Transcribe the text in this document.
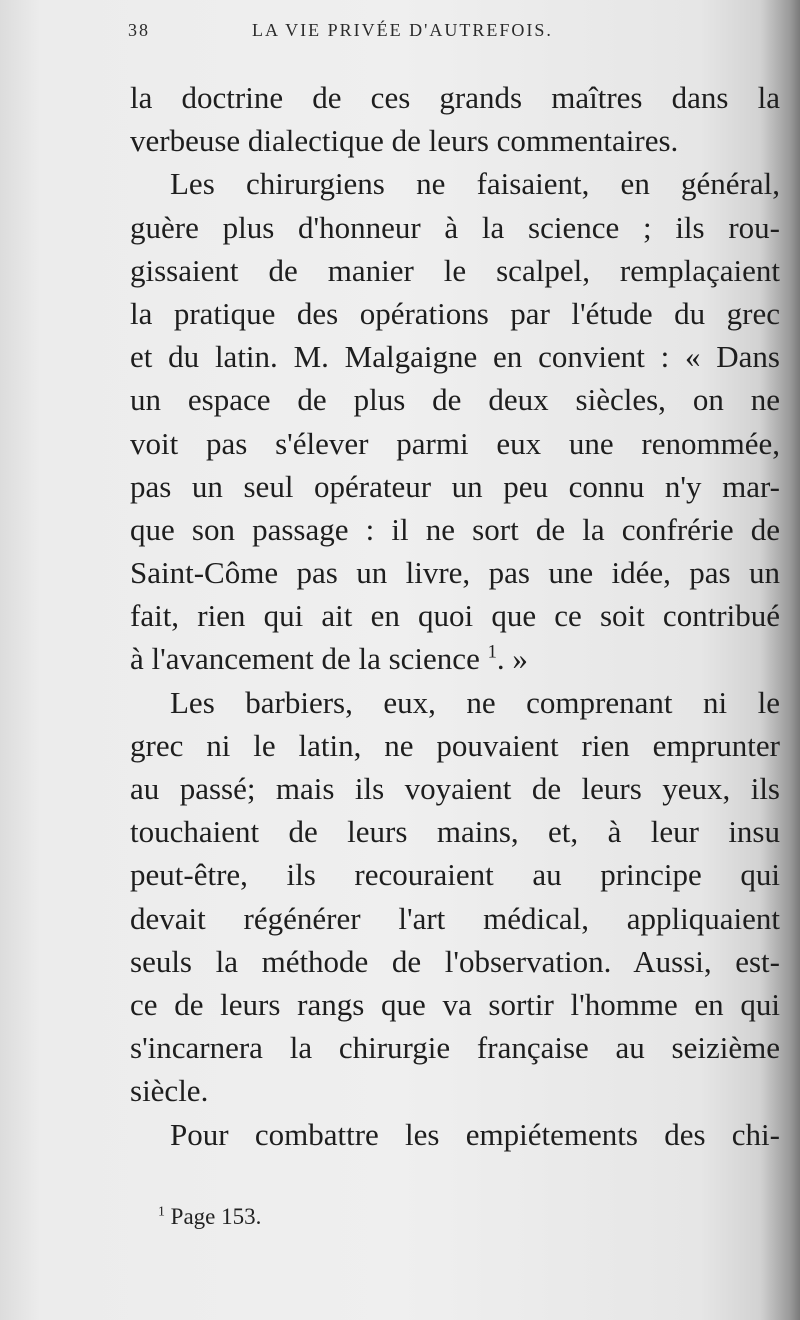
38	LA VIE PRIVÉE D'AUTREFOIS.
la doctrine de ces grands maîtres dans la
verbeuse dialectique de leurs commentaires.
Les chirurgiens ne faisaient, en général,
guère plus d'honneur à la science ; ils rou-
gissaient de manier le scalpel, remplaçaient
la pratique des opérations par l'étude du grec
et du latin. M. Malgaigne en convient : « Dans
un espace de plus de deux siècles, on ne
voit pas s'élever parmi eux une renommée,
pas un seul opérateur un peu connu n'y mar-
que son passage : il ne sort de la confrérie de
Saint-Côme pas un livre, pas une idée, pas un
fait, rien qui ait en quoi que ce soit contribué
à l'avancement de la science $^1$. »
Les barbiers, eux, ne comprenant ni le
grec ni le latin, ne pouvaient rien emprunter
au passé; mais ils voyaient de leurs yeux, ils
touchaient de leurs mains, et, à leur insu
peut-être, ils recouraient au principe qui
devait régénérer l'art médical, appliquaient
seuls la méthode de l'observation. Aussi, est-
ce de leurs rangs que va sortir l'homme en qui
s'incarnera la chirurgie française au seizième
siècle.
Pour combattre les empiétements des chi-
$^1$ Page 153.
